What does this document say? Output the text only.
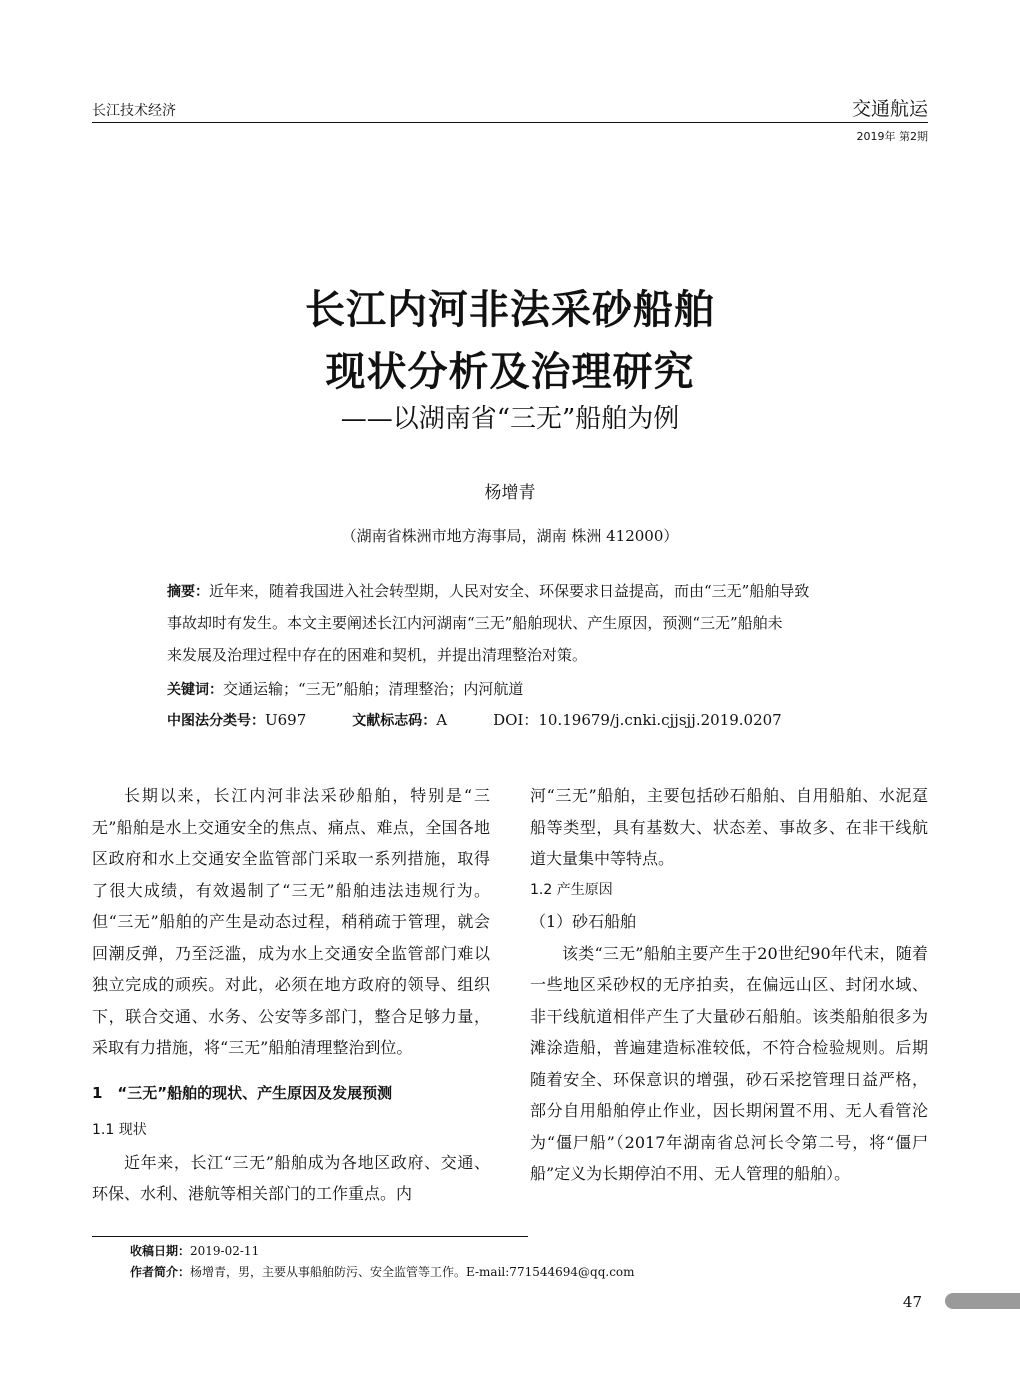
长江技术经济	交通航运
2019年 第2期
长江内河非法采砂船舶
现状分析及治理研究
——以湖南省“三无”船舶为例
杨增青
（湖南省株洲市地方海事局，湖南 株洲 412000）
摘要：近年来，随着我国进入社会转型期，人民对安全、环保要求日益提高，而由“三无”船舶导致
事故却时有发生。本文主要阐述长江内河湖南“三无”船舶现状、产生原因，预测“三无”船舶未
来发展及治理过程中存在的困难和契机，并提出清理整治对策。
关键词：交通运输；“三无”船舶；清理整治；内河航道
中图法分类号：U697	文献标志码：A	DOI：10.19679/j.cnki.cjjsjj.2019.0207

长期以来，长江内河非法采砂船舶，特别是“三无”船舶是水上交通安全的焦点、痛点、难点，全国各地区政府和水上交通安全监管部门采取一系列措施，取得了很大成绩，有效遏制了“三无”船舶违法违规行为。但“三无”船舶的产生是动态过程，稍稍疏于管理，就会回潮反弹，乃至泛滥，成为水上交通安全监管部门难以独立完成的顽疾。对此，必须在地方政府的领导、组织下，联合交通、水务、公安等多部门，整合足够力量，采取有力措施，将“三无”船舶清理整治到位。

1　“三无”船舶的现状、产生原因及发展预测

1.1 现状

近年来，长江“三无”船舶成为各地区政府、交通、环保、水利、港航等相关部门的工作重点。内

河“三无”船舶，主要包括砂石船舶、自用船舶、水泥趸船等类型，具有基数大、状态差、事故多、在非干线航道大量集中等特点。

1.2 产生原因

（1）砂石船舶

该类“三无”船舶主要产生于20世纪90年代末，随着一些地区采砂权的无序拍卖，在偏远山区、封闭水域、非干线航道相伴产生了大量砂石船舶。该类船舶很多为滩涂造船，普遍建造标准较低，不符合检验规则。后期随着安全、环保意识的增强，砂石采挖管理日益严格，部分自用船舶停止作业，因长期闲置不用、无人看管沦为“僵尸船”（2017年湖南省总河长令第二号，将“僵尸船”定义为长期停泊不用、无人管理的船舶）。

收稿日期：2019-02-11
作者简介：杨增青，男，主要从事船舶防污、安全监管等工作。E-mail:771544694@qq.com
47
